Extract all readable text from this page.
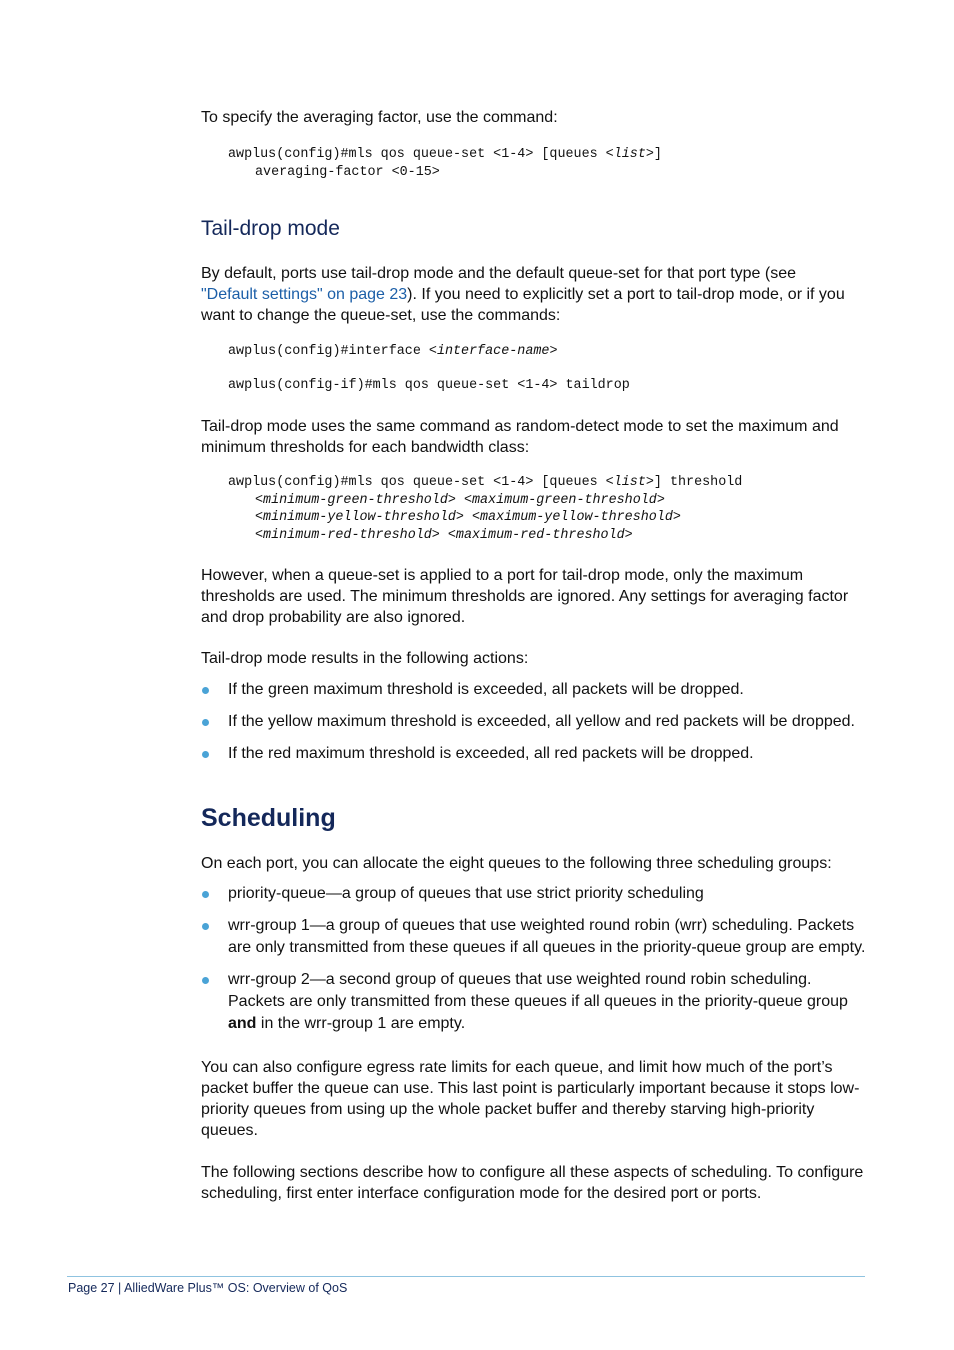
To specify the averaging factor, use the command:

awplus(config)#mls qos queue-set <1-4> [queues <list>]

averaging-factor <0-15>
Tail-drop mode

By default, ports use tail-drop mode and the default queue-set for that port type (see
"Default settings" on page 23). If you need to explicitly set a port to tail-drop mode, or if you want to change the queue-set, use the commands:

awplus(config)#interface <interface-name>
awplus(config-if)#mls qos queue-set <1-4> taildrop

Tail-drop mode uses the same command as random-detect mode to set the maximum and minimum thresholds for each bandwidth class:

awplus(config)#mls qos queue-set <1-4> [queues <list>] threshold

<minimum-green-threshold> <maximum-green-threshold>
<minimum-yellow-threshold> <maximum-yellow-threshold>
<minimum-red-threshold> <maximum-red-threshold>

However, when a queue-set is applied to a port for tail-drop mode, only the maximum thresholds are used. The minimum thresholds are ignored. Any settings for averaging factor and drop probability are also ignored.

Tail-drop mode results in the following actions:

If the green maximum threshold is exceeded, all packets will be dropped.
If the yellow maximum threshold is exceeded, all yellow and red packets will be dropped.
If the red maximum threshold is exceeded, all red packets will be dropped.
Scheduling

On each port, you can allocate the eight queues to the following three scheduling groups:

priority-queue—a group of queues that use strict priority scheduling
wrr-group 1—a group of queues that use weighted round robin (wrr) scheduling. Packets are only transmitted from these queues if all queues in the priority-queue group are empty.
wrr-group 2—a second group of queues that use weighted round robin scheduling. Packets are only transmitted from these queues if all queues in the priority-queue group and in the wrr-group 1 are empty.

You can also configure egress rate limits for each queue, and limit how much of the port’s packet buffer the queue can use. This last point is particularly important because it stops low-priority queues from using up the whole packet buffer and thereby starving high-priority queues.

The following sections describe how to configure all these aspects of scheduling. To configure scheduling, first enter interface configuration mode for the desired port or ports.

Page 27 | AlliedWare Plus™ OS: Overview of QoS
